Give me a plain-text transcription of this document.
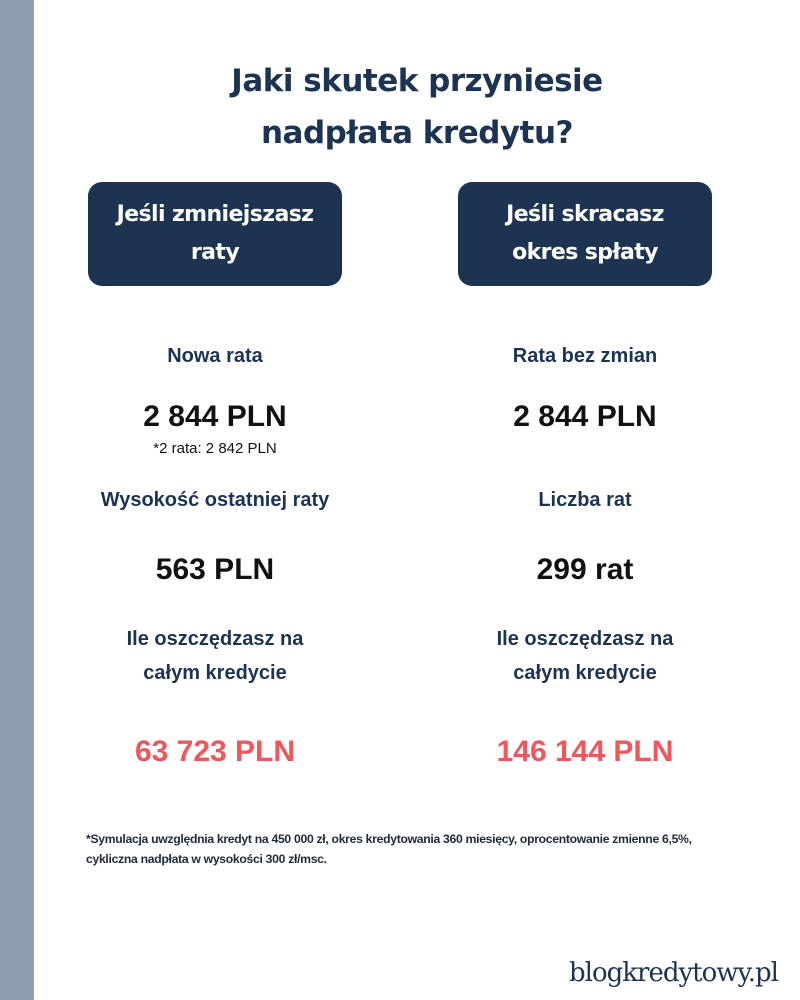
Jaki skutek przyniesie
nadpłata kredytu?
Jeśli zmniejszasz
raty
Jeśli skracasz
okres spłaty
Nowa rata
2 844 PLN
*2 rata: 2 842 PLN
Wysokość ostatniej raty
563 PLN
Ile oszczędzasz na
całym kredycie
63 723 PLN
Rata bez zmian
2 844 PLN
Liczba rat
299 rat
Ile oszczędzasz na
całym kredycie
146 144 PLN
*Symulacja uwzględnia kredyt na 450 000 zł, okres kredytowania 360 miesięcy, oprocentowanie zmienne 6,5%,
cykliczna nadpłata w wysokości 300 zł/msc.
blogkredytowy.pl
